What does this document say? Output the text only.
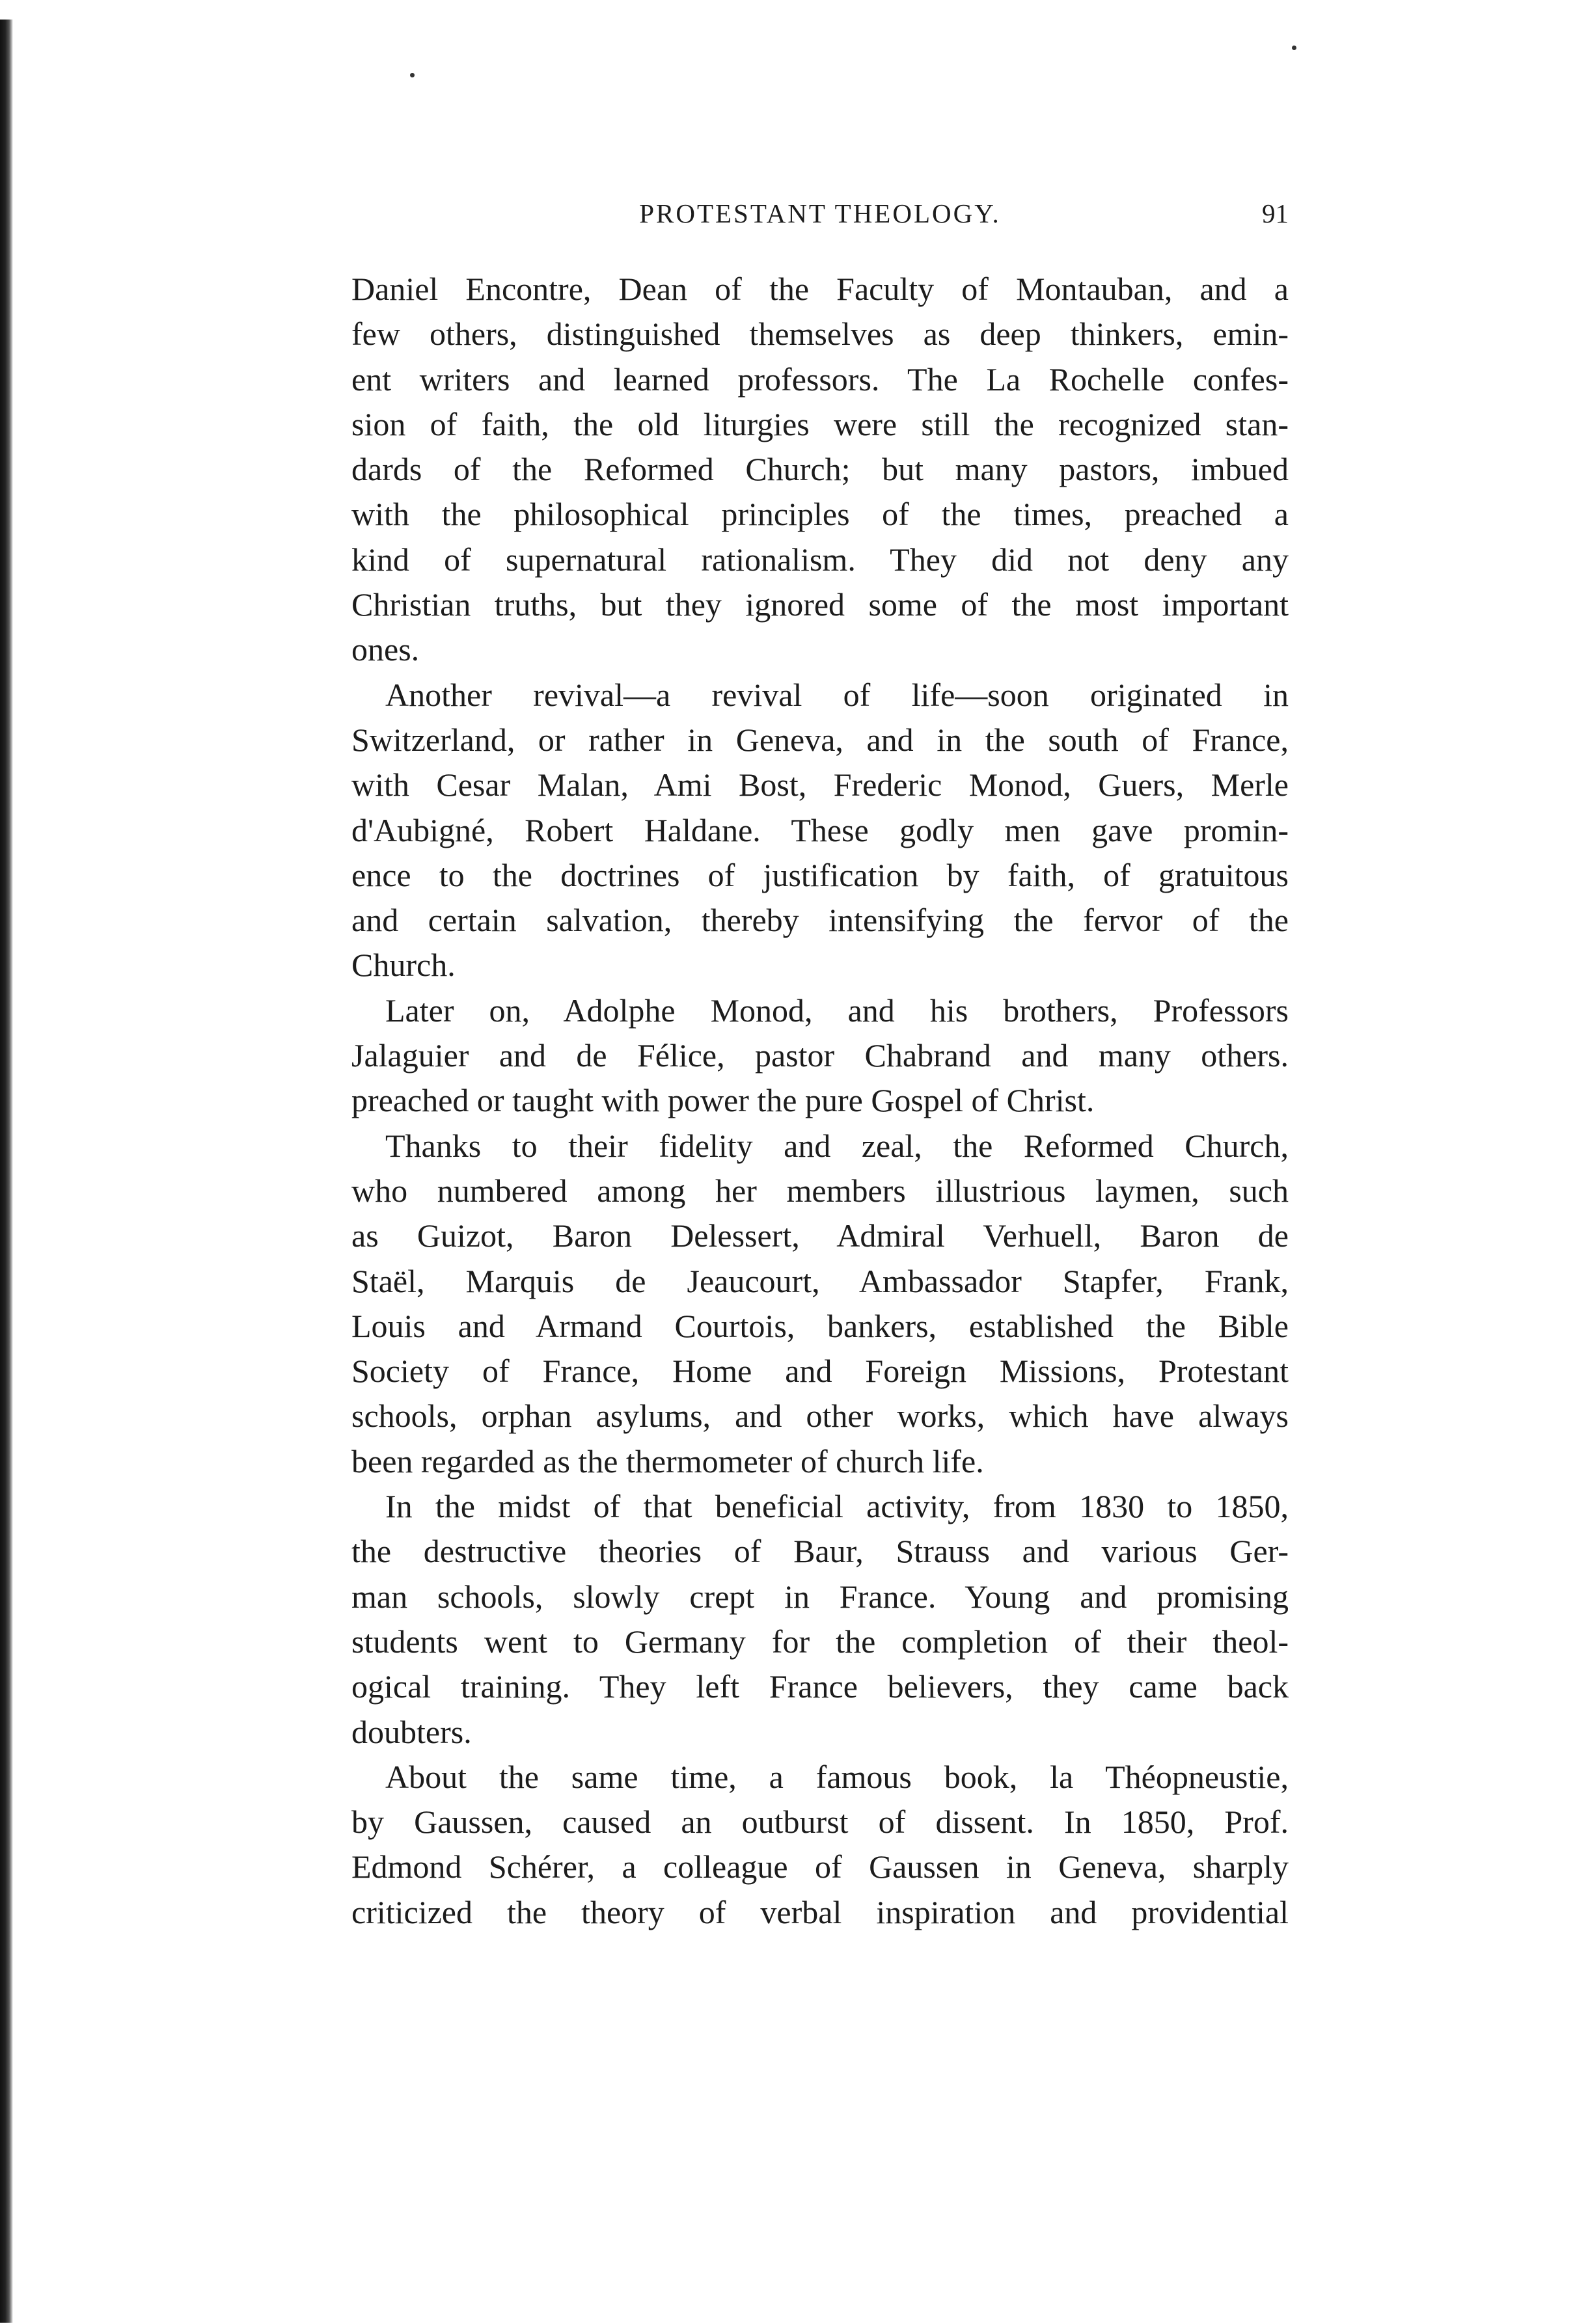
PROTESTANT THEOLOGY.	91
Daniel Encontre, Dean of the Faculty of Montauban, and a
few others, distinguished themselves as deep thinkers, emin-
ent writers and learned professors. The La Rochelle confes-
sion of faith, the old liturgies were still the recognized stan-
dards of the Reformed Church; but many pastors, imbued
with the philosophical principles of the times, preached a
kind of supernatural rationalism. They did not deny any
Christian truths, but they ignored some of the most important
ones.
Another revival—a revival of life—soon originated in
Switzerland, or rather in Geneva, and in the south of France,
with Cesar Malan, Ami Bost, Frederic Monod, Guers, Merle
d'Aubigné, Robert Haldane. These godly men gave promin-
ence to the doctrines of justification by faith, of gratuitous
and certain salvation, thereby intensifying the fervor of the
Church.
Later on, Adolphe Monod, and his brothers, Professors
Jalaguier and de Félice, pastor Chabrand and many others.
preached or taught with power the pure Gospel of Christ.
Thanks to their fidelity and zeal, the Reformed Church,
who numbered among her members illustrious laymen, such
as Guizot, Baron Delessert, Admiral Verhuell, Baron de
Staël, Marquis de Jeaucourt, Ambassador Stapfer, Frank,
Louis and Armand Courtois, bankers, established the Bible
Society of France, Home and Foreign Missions, Protestant
schools, orphan asylums, and other works, which have always
been regarded as the thermometer of church life.
In the midst of that beneficial activity, from 1830 to 1850,
the destructive theories of Baur, Strauss and various Ger-
man schools, slowly crept in France. Young and promising
students went to Germany for the completion of their theol-
ogical training. They left France believers, they came back
doubters.
About the same time, a famous book, la Théopneustie,
by Gaussen, caused an outburst of dissent. In 1850, Prof.
Edmond Schérer, a colleague of Gaussen in Geneva, sharply
criticized the theory of verbal inspiration and providential
